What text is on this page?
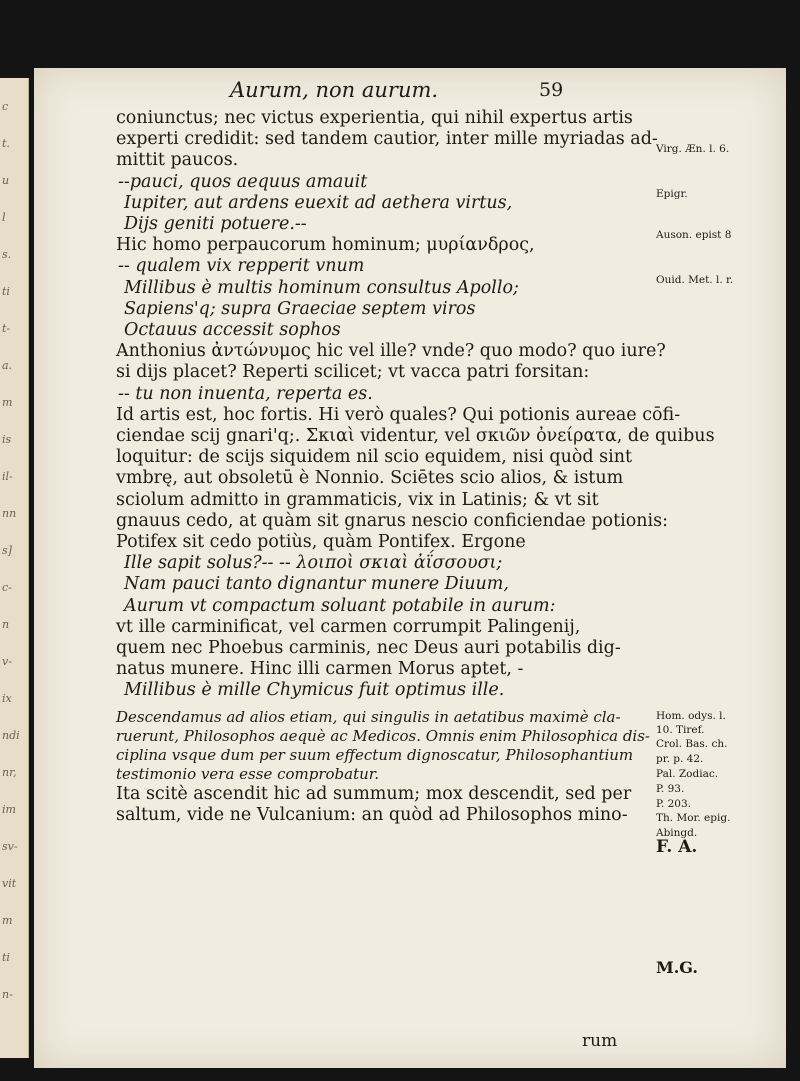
c
t.
u
l
s.
ti
t-
a.
m
is
il-
nn
s]
c-
n
v-
ix
ndi
nr,
im
sv-
vit
m
ti
n-
Aurum, non aurum.	59
coniunctus; nec victus experientia, qui nihil expertus artis
experti credidit: sed tandem cautior, inter mille myriadas ad-
mittit paucos.
--pauci, quos aequus amauit
Iupiter, aut ardens euexit ad aethera virtus,
Dijs geniti potuere.--
Hic homo perpaucorum hominum; μυρίανδρος,
-- qualem vix repperit vnum
Millibus è multis hominum consultus Apollo;
Sapiens'q; supra Graeciae septem viros
Octauus accessit sophos
Anthonius ἀντώνυμος hic vel ille? vnde? quo modo? quo iure?
si dijs placet? Reperti scilicet; vt vacca patri forsitan:
-- tu non inuenta, reperta es.
Id artis est, hoc fortis. Hi verò quales? Qui potionis aureae cōfi-
ciendae scij gnari'q;. Σκιαὶ videntur, vel σκιῶν ὀνείρατα, de quibus
loquitur: de scijs siquidem nil scio equidem, nisi quòd sint
vmbrę, aut obsoletū è Nonnio. Sciētes scio alios, & istum
sciolum admitto in grammaticis, vix in Latinis; & vt sit
gnauus cedo, at quàm sit gnarus nescio conficiendae potionis:
Potifex sit cedo potiùs, quàm Pontifex. Ergone
Ille sapit solus?-- -- λοιποὶ σκιαὶ ἀΐσσουσι;
Nam pauci tanto dignantur munere Diuum,
Aurum vt compactum soluant potabile in aurum:
vt ille carminificat, vel carmen corrumpit Palingenij,
quem nec Phoebus carminis, nec Deus auri potabilis dig-
natus munere. Hinc illi carmen Morus aptet, -
Millibus è mille Chymicus fuit optimus ille.
Descendamus ad alios etiam, qui singulis in aetatibus maximè cla-
ruerunt, Philosophos aequè ac Medicos. Omnis enim Philosophica dis-
ciplina vsque dum per suum effectum dignoscatur, Philosophantium
testimonio vera esse comprobatur.
Ita scitè ascendit hic ad summum; mox descendit, sed per
saltum, vide ne Vulcanium: an quòd ad Philosophos mino-
Virg. Æn. l. 6.
Epigr.
Auson. epist 8
Ouid. Met. l. r.
Hom. odys. l.
10. Tiref.
Crol. Bas. ch.
pr. p. 42.
Pal. Zodiac.
P. 93.
P. 203.
Th. Mor. epig.
Abingd.
F. A.
M.G.
rum
